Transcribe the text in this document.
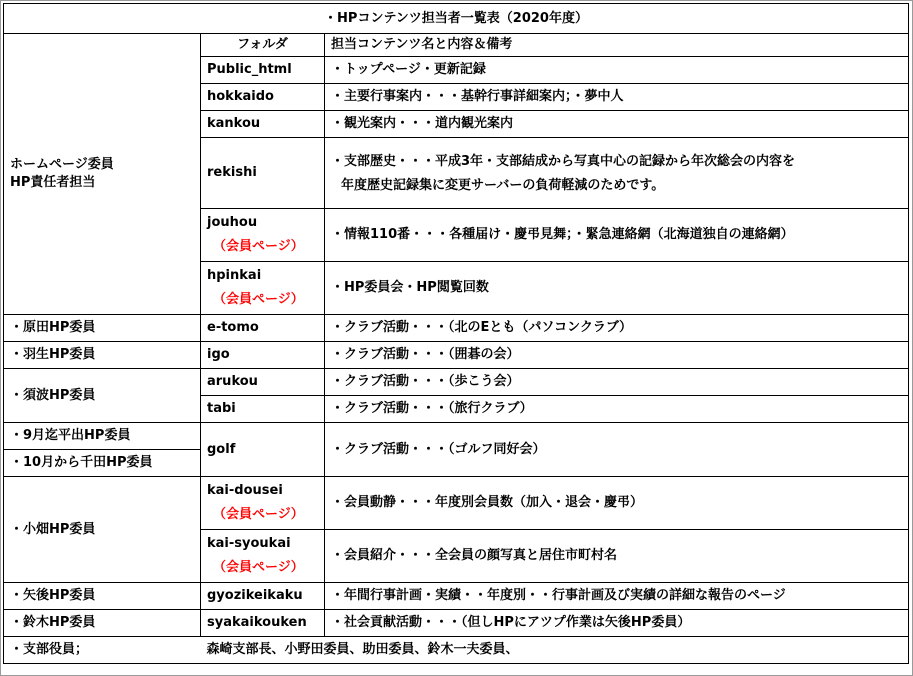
・HPコンテンツ担当者一覧表（2020年度）		

ホームページ委員
HP責任者担当	フォルダ	担当コンテンツ名と内容＆備考
	Public_html	・トップページ・更新記録
	hokkaido	・主要行事案内・・・基幹行事詳細案内；・夢中人
	kankou	・観光案内・・・道内観光案内
	rekishi	・支部歴史・・・平成3年・支部結成から写真中心の記録から年次総会の内容を
年度歴史記録集に変更サーバーの負荷軽減のためです。

	jouhou
（会員ページ）	・情報110番・・・各種届け・慶弔見舞；・緊急連絡網（北海道独自の連絡網）

	hpinkai
（会員ページ）	・HP委員会・HP閲覧回数
・原田HP委員	e-tomo	・クラブ活動・・・（北のEとも（パソコンクラブ）
・羽生HP委員	igo	・クラブ活動・・・（囲碁の会）
・須波HP委員	arukou	・クラブ活動・・・（歩こう会）
	tabi	・クラブ活動・・・（旅行クラブ）
・9月迄平出HP委員	golf	・クラブ活動・・・（ゴルフ同好会）
・10月から千田HP委員		
・小畑HP委員	kai-dousei
（会員ページ）	・会員動静・・・年度別会員数（加入・退会・慶弔）

	kai-syoukai
（会員ページ）	・会員紹介・・・全会員の顔写真と居住市町村名
・矢後HP委員	gyozikeikaku	・年間行事計画・実績・・年度別・・行事計画及び実績の詳細な報告のページ
・鈴木HP委員	syakaikouken	・社会貢献活動・・・（但しHPにアツプ作業は矢後HP委員）
・支部役員；	森崎支部長、小野田委員、助田委員、鈴木一夫委員、	
